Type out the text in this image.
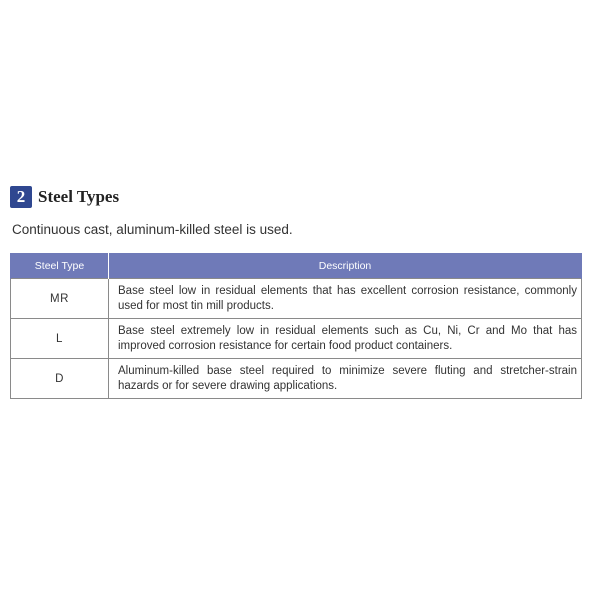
2 Steel Types
Continuous cast, aluminum-killed steel is used.
Steel Type	Description
MR	Base steel low in residual elements that has excellent corrosion resistance, commonly used for most tin mill products.
L	Base steel extremely low in residual elements such as Cu, Ni, Cr and Mo that has improved corrosion resistance for certain food product containers.
D	Aluminum-killed base steel required to minimize severe fluting and stretcher-strain hazards or for severe drawing applications.
